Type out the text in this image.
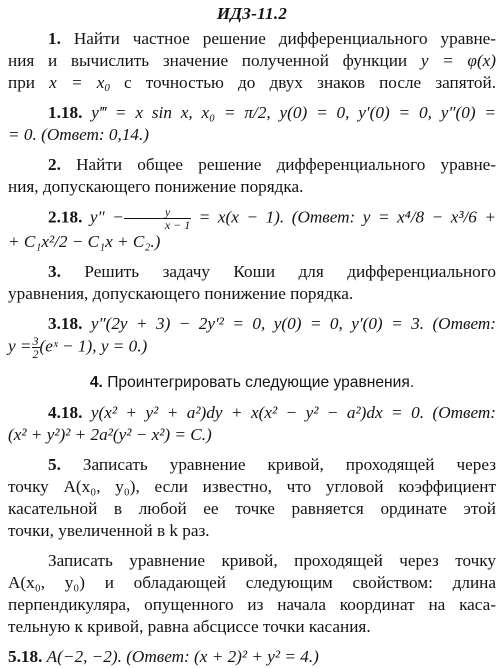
ИДЗ-11.2
1. Найти частное решение дифференциального уравне-
ния и вычислить значение полученной функции y = φ(x)
при $x = x_0$ с точностью до двух знаков после запятой.
1.18. y‴ = x sin x, x₀ = π/2, y(0) = 0, y′(0) = 0, y″(0) =
= 0. (Ответ: 0,14.)
2. Найти общее решение дифференциального уравне-
ния, допускающего понижение порядка.
2.18. $y'' - \frac{y}{x - 1} = x(x - 1)$. (Ответ: y = x⁴/8 − x³/6 +
+ C₁x²/2 − C₁x + C₂.)
3. Решить задачу Коши для дифференциального
уравнения, допускающего понижение порядка.
3.18. y″(2y + 3) − 2y′² = 0, y(0) = 0, y′(0) = 3. (Ответ:
$y = \frac{3}{2}$ (eˣ − 1), y = 0.)
4. Проинтегрировать следующие уравнения.
4.18. y(x² + y² + a²)dy + x(x² − y² − a²)dx = 0. (Ответ:
(x² + y²)² + 2a²(y² − x²) = C.)
5. Записать уравнение кривой, проходящей через
точку A(x₀, y₀), если известно, что угловой коэффициент
касательной в любой ее точке равняется ординате этой
точки, увеличенной в k раз.
Записать уравнение кривой, проходящей через точку
A(x₀, y₀) и обладающей следующим свойством: длина
перпендикуляра, опущенного из начала координат на каса-
тельную к кривой, равна абсциссе точки касания.
5.18. A(−2, −2). (Ответ: (x + 2)² + y² = 4.)
